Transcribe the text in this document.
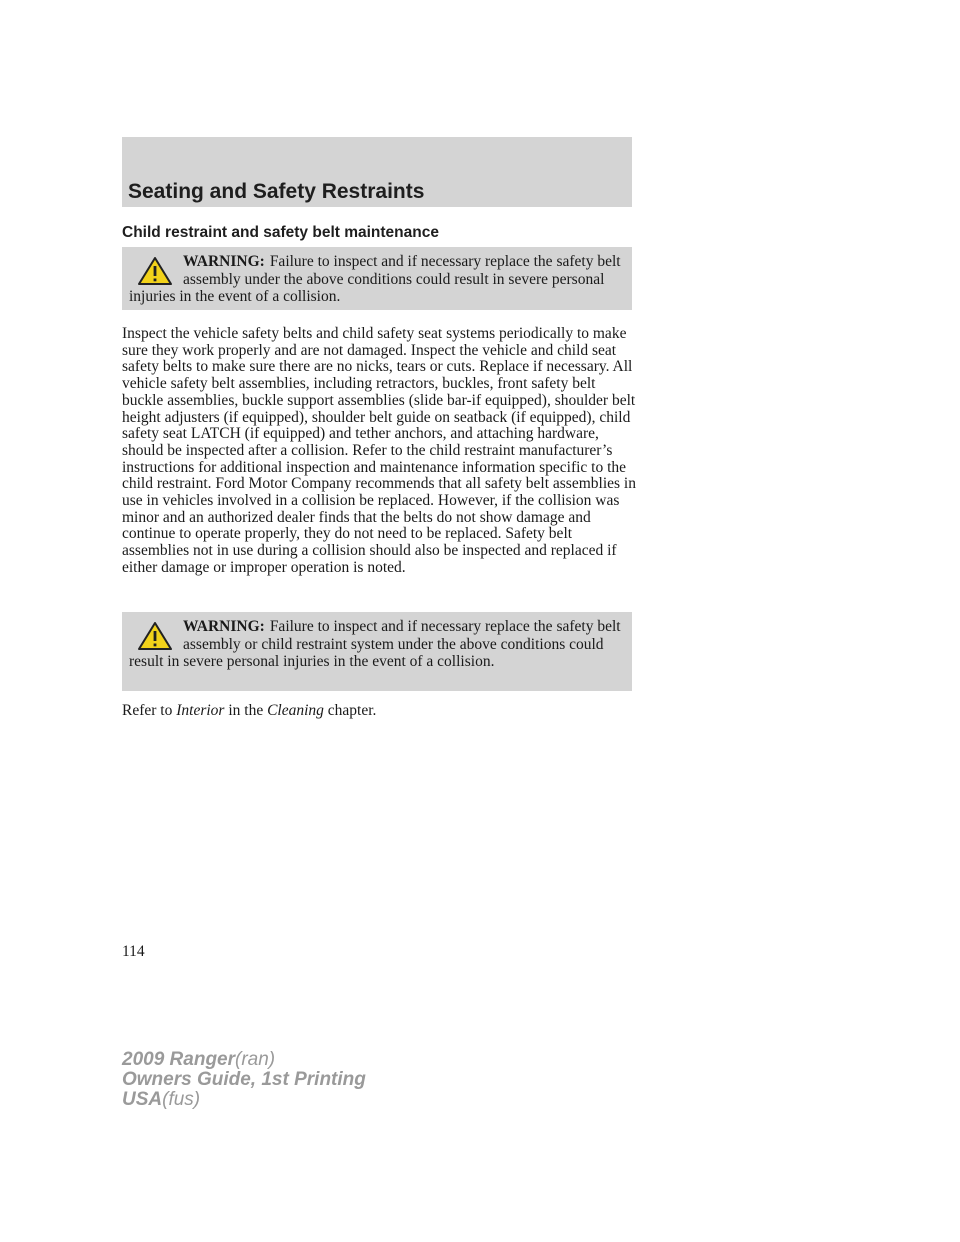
Seating and Safety Restraints
Child restraint and safety belt maintenance
WARNING: Failure to inspect and if necessary replace the safety belt assembly under the above conditions could result in severe personal injuries in the event of a collision.
Inspect the vehicle safety belts and child safety seat systems periodically to make sure they work properly and are not damaged. Inspect the vehicle and child seat safety belts to make sure there are no nicks, tears or cuts. Replace if necessary. All vehicle safety belt assemblies, including retractors, buckles, front safety belt buckle assemblies, buckle support assemblies (slide bar-if equipped), shoulder belt height adjusters (if equipped), shoulder belt guide on seatback (if equipped), child safety seat LATCH (if equipped) and tether anchors, and attaching hardware, should be inspected after a collision. Refer to the child restraint manufacturer’s instructions for additional inspection and maintenance information specific to the child restraint. Ford Motor Company recommends that all safety belt assemblies in use in vehicles involved in a collision be replaced. However, if the collision was minor and an authorized dealer finds that the belts do not show damage and continue to operate properly, they do not need to be replaced. Safety belt assemblies not in use during a collision should also be inspected and replaced if either damage or improper operation is noted.
WARNING: Failure to inspect and if necessary replace the safety belt assembly or child restraint system under the above conditions could result in severe personal injuries in the event of a collision.
Refer to Interior in the Cleaning chapter.
114
2009 Ranger(ran)
Owners Guide, 1st Printing
USA(fus)
